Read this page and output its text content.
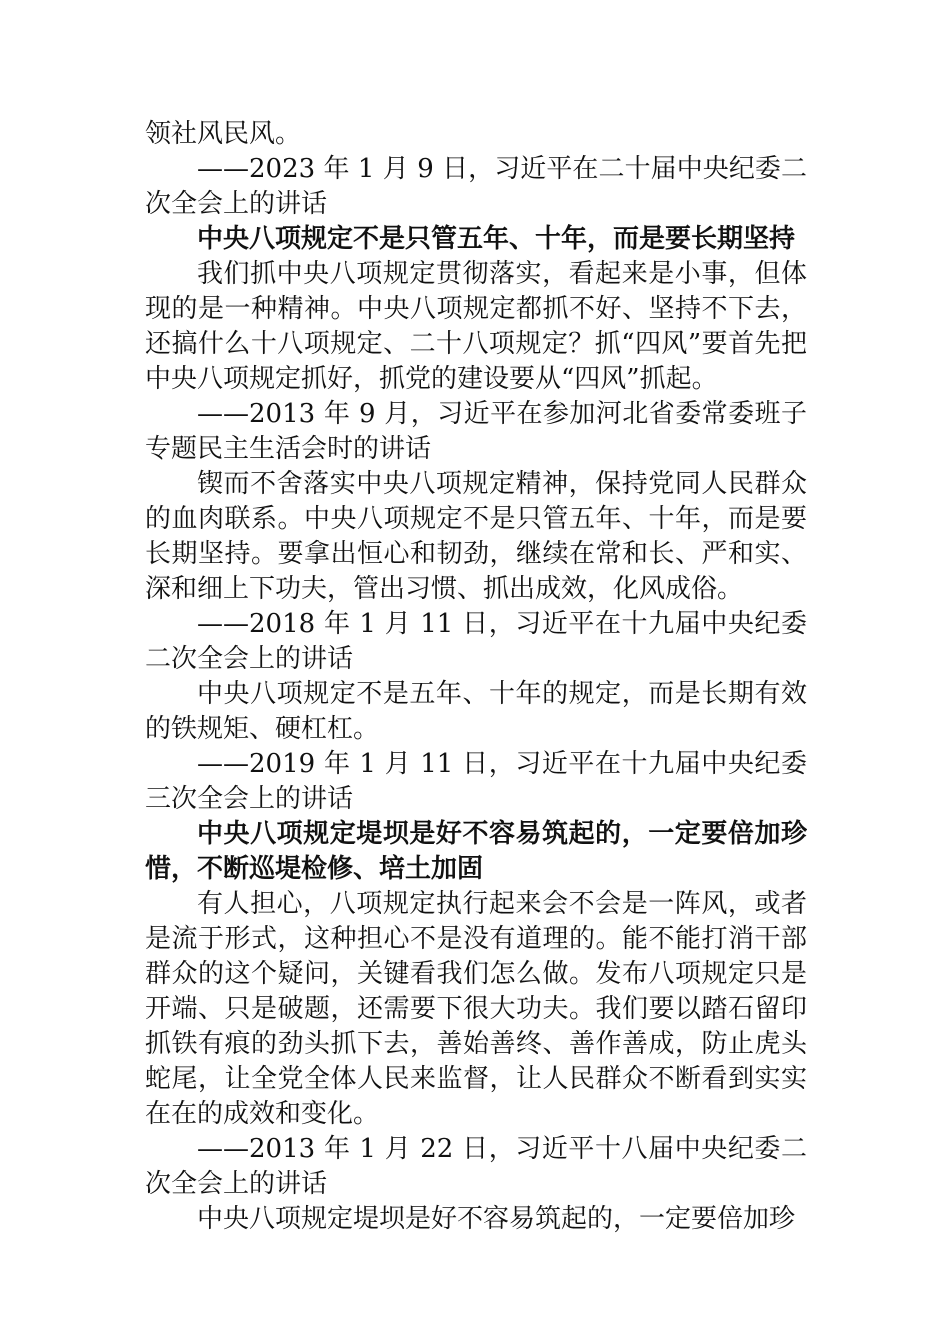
领社风民风。

——2023 年 1 月 9 日，习近平在二十届中央纪委二次全会上的讲话

中央八项规定不是只管五年、十年，而是要长期坚持

我们抓中央八项规定贯彻落实，看起来是小事，但体现的是一种精神。中央八项规定都抓不好、坚持不下去，还搞什么十八项规定、二十八项规定？抓“四风”要首先把中央八项规定抓好，抓党的建设要从“四风”抓起。

——2013 年 9 月，习近平在参加河北省委常委班子专题民主生活会时的讲话

锲而不舍落实中央八项规定精神，保持党同人民群众的血肉联系。中央八项规定不是只管五年、十年，而是要长期坚持。要拿出恒心和韧劲，继续在常和长、严和实、深和细上下功夫，管出习惯、抓出成效，化风成俗。

——2018 年 1 月 11 日，习近平在十九届中央纪委二次全会上的讲话

中央八项规定不是五年、十年的规定，而是长期有效的铁规矩、硬杠杠。

——2019 年 1 月 11 日，习近平在十九届中央纪委三次全会上的讲话

中央八项规定堤坝是好不容易筑起的，一定要倍加珍惜，不断巡堤检修、培土加固

有人担心，八项规定执行起来会不会是一阵风，或者是流于形式，这种担心不是没有道理的。能不能打消干部群众的这个疑问，关键看我们怎么做。发布八项规定只是开端、只是破题，还需要下很大功夫。我们要以踏石留印抓铁有痕的劲头抓下去，善始善终、善作善成，防止虎头蛇尾，让全党全体人民来监督，让人民群众不断看到实实在在的成效和变化。

——2013 年 1 月 22 日，习近平十八届中央纪委二次全会上的讲话

中央八项规定堤坝是好不容易筑起的，一定要倍加珍
